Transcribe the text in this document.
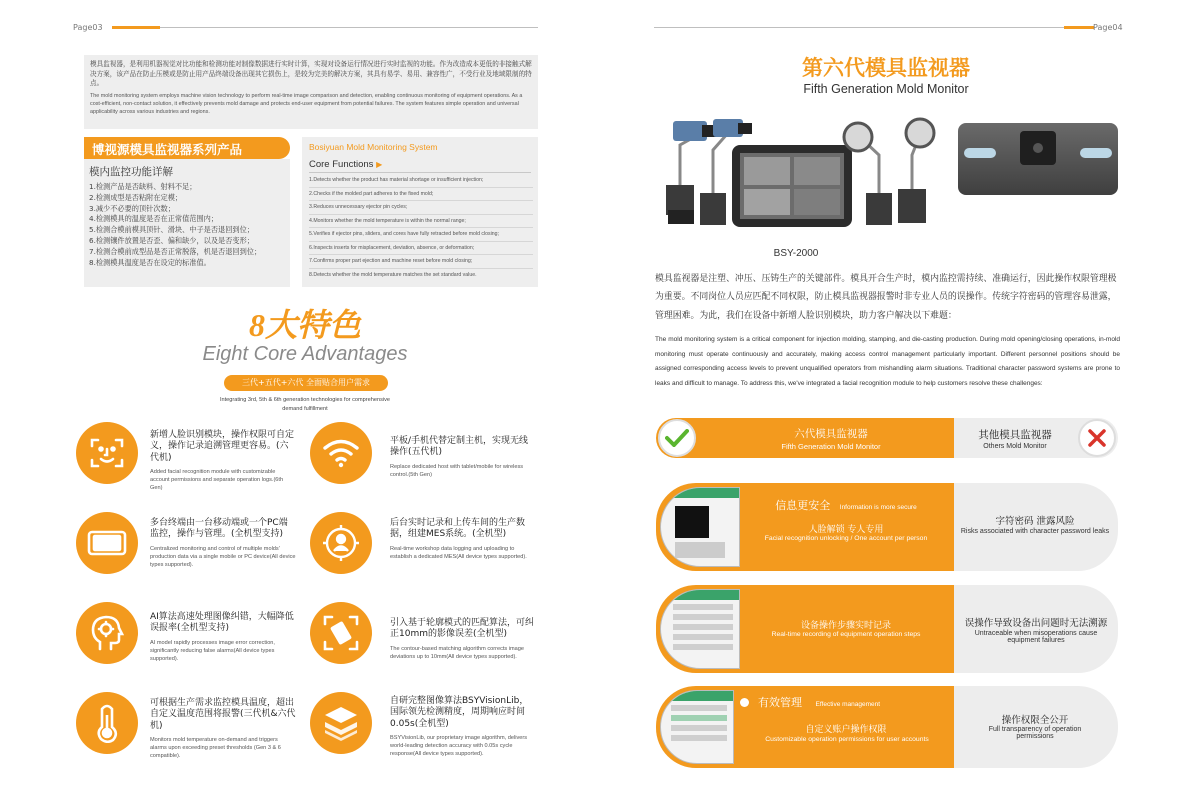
Page03
模具监视器，是利用机器视觉对比功能和检测功能对制像数据进行实时计算，实现对设备运行情况进行实时监视的功能。作为改造成本更低的非接触式解决方案，该产品在防止压模或是防止用产品终端设备出现其它损伤上，是较为完美的解决方案，其具有易学、易用、兼容性广，不受行业及地域限制的特点。
The mold monitoring system employs machine vision technology to perform real-time image comparison and detection, enabling continuous monitoring of equipment operations. As a cost-efficient, non-contact solution, it effectively prevents mold damage and protects end-user equipment from potential failures. The system features simple operation and universal applicability across various industries and regions.
博视源模具监视器系列产品
模内监控功能详解
1.检测产品是否缺料、射料不足；
2.检测成型是否粘附在定模；
3.减少不必要的顶针次数；
4.检测模具的温度是否在正常值范围内；
5.检测合模前模具顶针、滑块、中子是否退回到位；
6.检测镶件放置是否歪、偏和缺少，以及是否变形；
7.检测合模前成型品是否正常脱落，机是否退回到位；
8.检测模具温度是否在设定的标准值。
Bosiyuan Mold Monitoring System
Core Functions ▶
1.Detects whether the product has material shortage or insufficient injection;
2.Checks if the molded part adheres to the fixed mold;
3.Reduces unnecessary ejector pin cycles;
4.Monitors whether the mold temperature is within the normal range;
5.Verifies if ejector pins, sliders, and cores have fully retracted before mold closing;
6.Inspects inserts for misplacement, deviation, absence, or deformation;
7.Confirms proper part ejection and machine reset before mold closing;
8.Detects whether the mold temperature matches the set standard value.
8大特色
Eight Core Advantages
三代+五代+六代 全面贴合用户需求
Integrating 3rd, 5th & 6th generation technologies for comprehensive demand fulfillment
新增人脸识别模块，操作权限可自定义，操作记录追溯管理更容易。(六代机)
Added facial recognition module with customizable account permissions and separate operation logs.(6th Gen)
平板/手机代替定制主机，实现无线操作(五代机)
Replace dedicated host with tablet/mobile for wireless control.(5th Gen)
多台终端由一台移动端或一个PC端监控，操作与管理。(全机型支持)
Centralized monitoring and control of multiple molds' production data via a single mobile or PC device(All device types supported).
后台实时记录和上传车间的生产数据，组建MES系统。(全机型)
Real-time workshop data logging and uploading to establish a dedicated MES(All device types supported).
AI算法高速处理图像纠错，大幅降低误报率(全机型支持)
AI model rapidly processes image error correction, significantly reducing false alarms(All device types supported).
引入基于轮廓模式的匹配算法，可纠正10mm的影像误差(全机型)
The contour-based matching algorithm corrects image deviations up to 10mm(All device types supported).
可根据生产需求监控模具温度，超出自定义温度范围将报警(三代机&六代机)
Monitors mold temperature on-demand and triggers alarms upon exceeding preset thresholds (Gen 3 & 6 compatible).
自研完整图像算法BSYVisionLib，国际领先检测精度，周期响应时间0.05s(全机型)
BSYVisionLib, our proprietary image algorithm, delivers world-leading detection accuracy with 0.05s cycle response(All device types supported).
Page04
第六代模具监视器
Fifth Generation Mold Monitor
BSY-2000
模具监视器是注塑、冲压、压铸生产的关键部件。模具开合生产时，模内监控需持续、准确运行，因此操作权限管理极为重要。不同岗位人员应匹配不同权限，防止模具监视器报警时非专业人员的误操作。传统字符密码的管理容易泄露，管理困难。为此，我们在设备中新增人脸识别模块，助力客户解决以下难题：
The mold monitoring system is a critical component for injection molding, stamping, and die-casting production. During mold opening/closing operations, in-mold monitoring must operate continuously and accurately, making access control management particularly important. Different personnel positions should be assigned corresponding access levels to prevent unqualified operators from mishandling alarm situations. Traditional character password systems are prone to leaks and difficult to manage. To address this, we've integrated a facial recognition module to help customers resolve these challenges:
六代模具监视器
Fifth Generation Mold Monitor
其他模具监视器
Others Mold Monitor
信息更安全 Information is more secure
人脸解锁 专人专用
Facial recognition unlocking / One account per person
字符密码 泄露风险
Risks associated with character password leaks
设备操作步骤实时记录
Real-time recording of equipment operation steps
误操作导致设备出问题时无法溯源
Untraceable when misoperations cause equipment failures
有效管理 Effective management
自定义账户操作权限
Customizable operation permissions for user accounts
操作权限全公开
Full transparency of operation permissions
